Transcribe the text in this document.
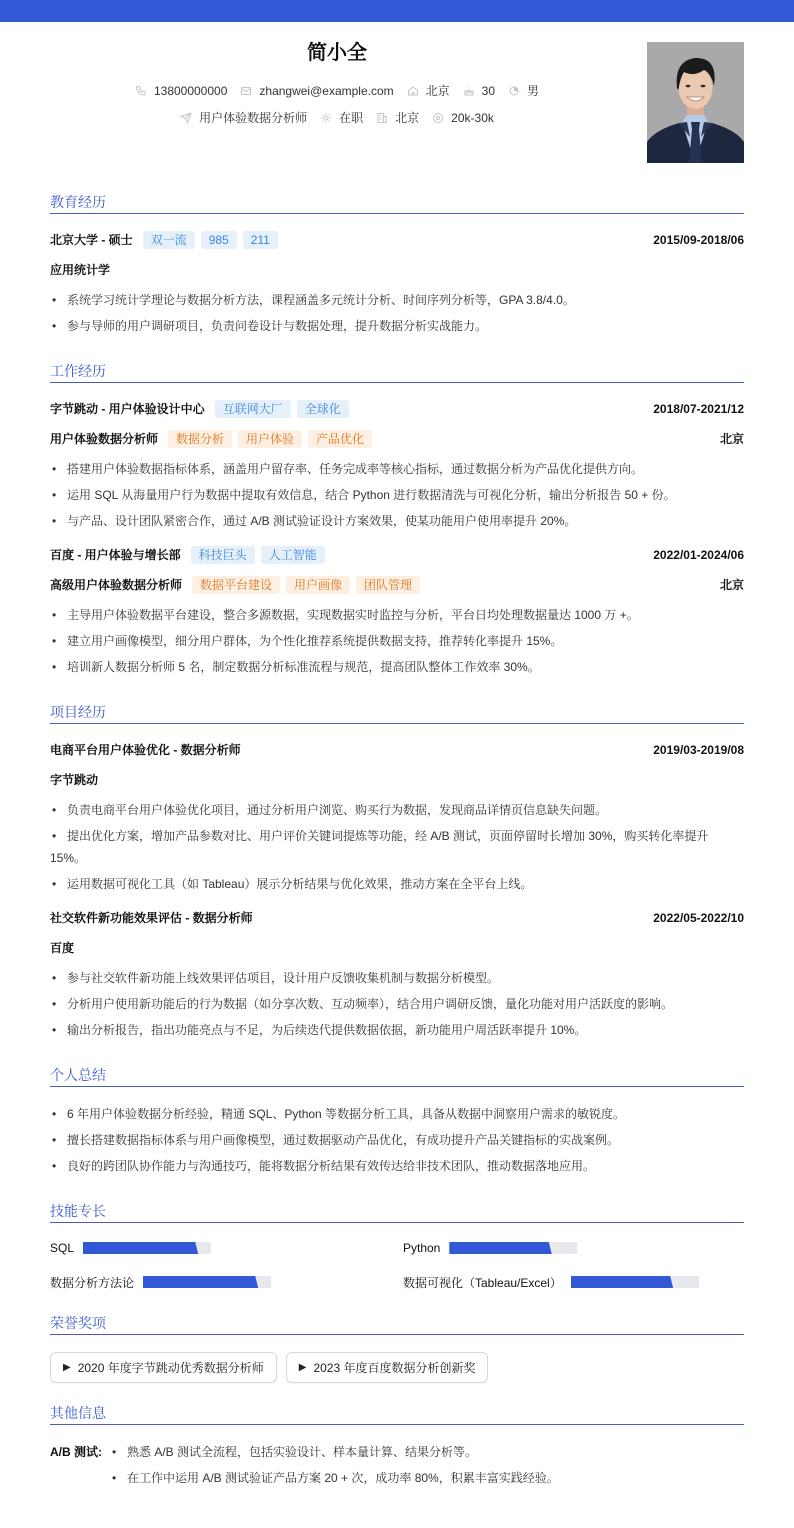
简小全
13800000000	zhangwei@example.com	北京	30	男
用户体验数据分析师	在职	北京	20k-30k
教育经历
北京大学 - 硕士	双一流	985	211	2015/09-2018/06
应用统计学
• 系统学习统计学理论与数据分析方法，课程涵盖多元统计分析、时间序列分析等，GPA 3.8/4.0。
• 参与导师的用户调研项目，负责问卷设计与数据处理，提升数据分析实战能力。
工作经历
字节跳动 - 用户体验设计中心	互联网大厂	全球化	2018/07-2021/12
用户体验数据分析师	数据分析	用户体验	产品优化	北京
• 搭建用户体验数据指标体系，涵盖用户留存率、任务完成率等核心指标，通过数据分析为产品优化提供方向。
• 运用 SQL 从海量用户行为数据中提取有效信息，结合 Python 进行数据清洗与可视化分析，输出分析报告 50 + 份。
• 与产品、设计团队紧密合作，通过 A/B 测试验证设计方案效果，使某功能用户使用率提升 20%。
百度 - 用户体验与增长部	科技巨头	人工智能	2022/01-2024/06
高级用户体验数据分析师	数据平台建设	用户画像	团队管理	北京
• 主导用户体验数据平台建设，整合多源数据，实现数据实时监控与分析，平台日均处理数据量达 1000 万 +。
• 建立用户画像模型，细分用户群体，为个性化推荐系统提供数据支持，推荐转化率提升 15%。
• 培训新人数据分析师 5 名，制定数据分析标准流程与规范，提高团队整体工作效率 30%。
项目经历
电商平台用户体验优化 - 数据分析师	2019/03-2019/08
字节跳动
• 负责电商平台用户体验优化项目，通过分析用户浏览、购买行为数据，发现商品详情页信息缺失问题。
• 提出优化方案，增加产品参数对比、用户评价关键词提炼等功能，经 A/B 测试，页面停留时长增加 30%，购买转化率提升 15%。
• 运用数据可视化工具（如 Tableau）展示分析结果与优化效果，推动方案在全平台上线。
社交软件新功能效果评估 - 数据分析师	2022/05-2022/10
百度
• 参与社交软件新功能上线效果评估项目，设计用户反馈收集机制与数据分析模型。
• 分析用户使用新功能后的行为数据（如分享次数、互动频率），结合用户调研反馈，量化功能对用户活跃度的影响。
• 输出分析报告，指出功能亮点与不足，为后续迭代提供数据依据，新功能用户周活跃率提升 10%。
个人总结
• 6 年用户体验数据分析经验，精通 SQL、Python 等数据分析工具，具备从数据中洞察用户需求的敏锐度。
• 擅长搭建数据指标体系与用户画像模型，通过数据驱动产品优化，有成功提升产品关键指标的实战案例。
• 良好的跨团队协作能力与沟通技巧，能将数据分析结果有效传达给非技术团队，推动数据落地应用。
技能专长
SQL	Python
数据分析方法论	数据可视化（Tableau/Excel）
荣誉奖项
▶ 2020 年度字节跳动优秀数据分析师	▶ 2023 年度百度数据分析创新奖
其他信息
A/B 测试: • 熟悉 A/B 测试全流程，包括实验设计、样本量计算、结果分析等。
• 在工作中运用 A/B 测试验证产品方案 20 + 次，成功率 80%，积累丰富实践经验。
